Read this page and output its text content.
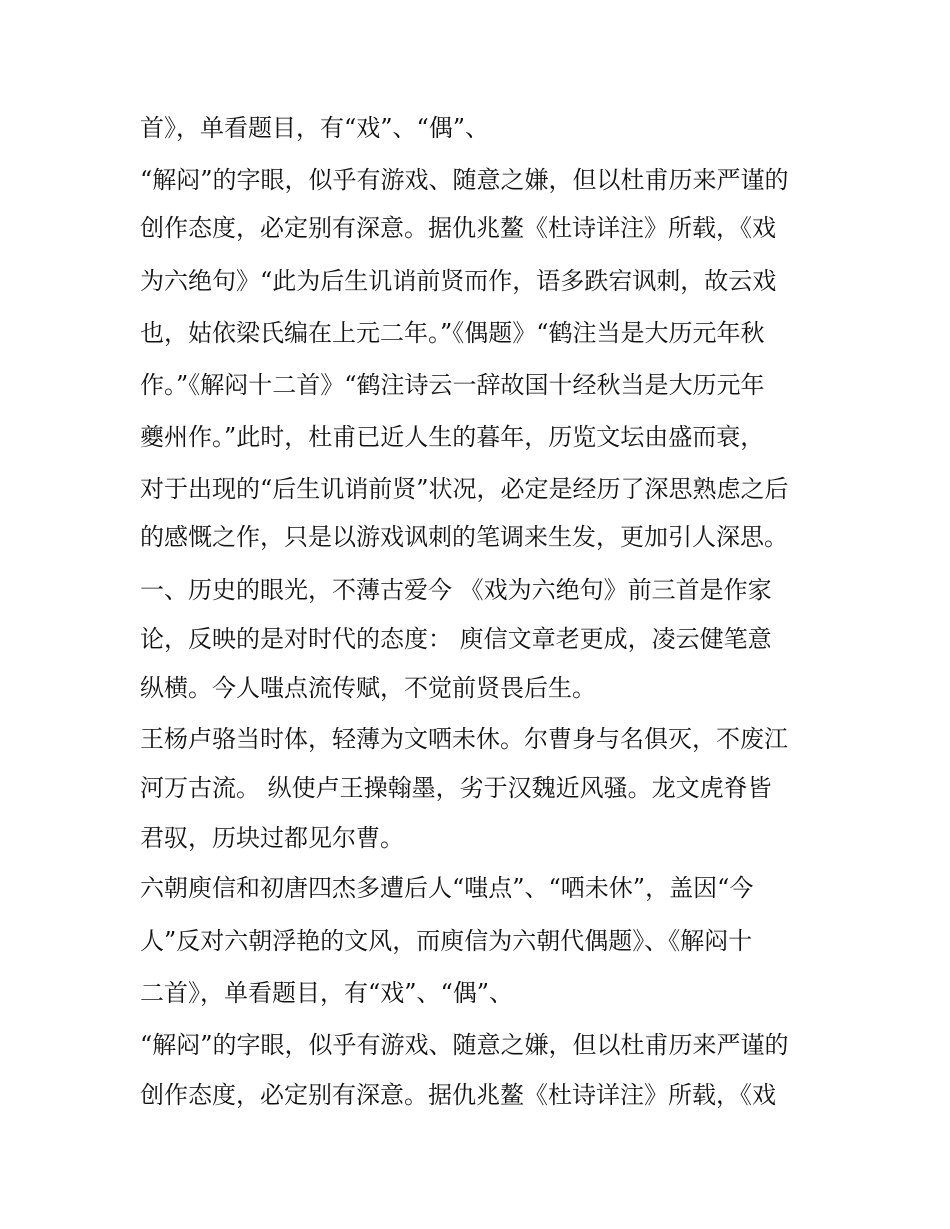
首》，单看题目，有“戏”、“偶”、
“解闷”的字眼，似乎有游戏、随意之嫌，但以杜甫历来严谨的
创作态度，必定别有深意。据仇兆鳌《杜诗详注》所载，《戏
为六绝句》“此为后生讥诮前贤而作，语多跌宕讽刺，故云戏
也，姑依梁氏编在上元二年。”《偶题》“鹤注当是大历元年秋
作。”《解闷十二首》“鹤注诗云一辞故国十经秋当是大历元年
夔州作。”此时，杜甫已近人生的暮年，历览文坛由盛而衰，
对于出现的“后生讥诮前贤”状况，必定是经历了深思熟虑之后
的感慨之作，只是以游戏讽刺的笔调来生发，更加引人深思。
一、历史的眼光，不薄古爱今 《戏为六绝句》前三首是作家
论，反映的是对时代的态度： 庾信文章老更成，凌云健笔意
纵横。今人嗤点流传赋，不觉前贤畏后生。
王杨卢骆当时体，轻薄为文哂未休。尔曹身与名俱灭，不废江
河万古流。 纵使卢王操翰墨，劣于汉魏近风骚。龙文虎脊皆
君驭，历块过都见尔曹。
六朝庾信和初唐四杰多遭后人“嗤点”、“哂未休”，盖因“今
人”反对六朝浮艳的文风，而庾信为六朝代偶题》、《解闷十
二首》，单看题目，有“戏”、“偶”、
“解闷”的字眼，似乎有游戏、随意之嫌，但以杜甫历来严谨的
创作态度，必定别有深意。据仇兆鳌《杜诗详注》所载，《戏
